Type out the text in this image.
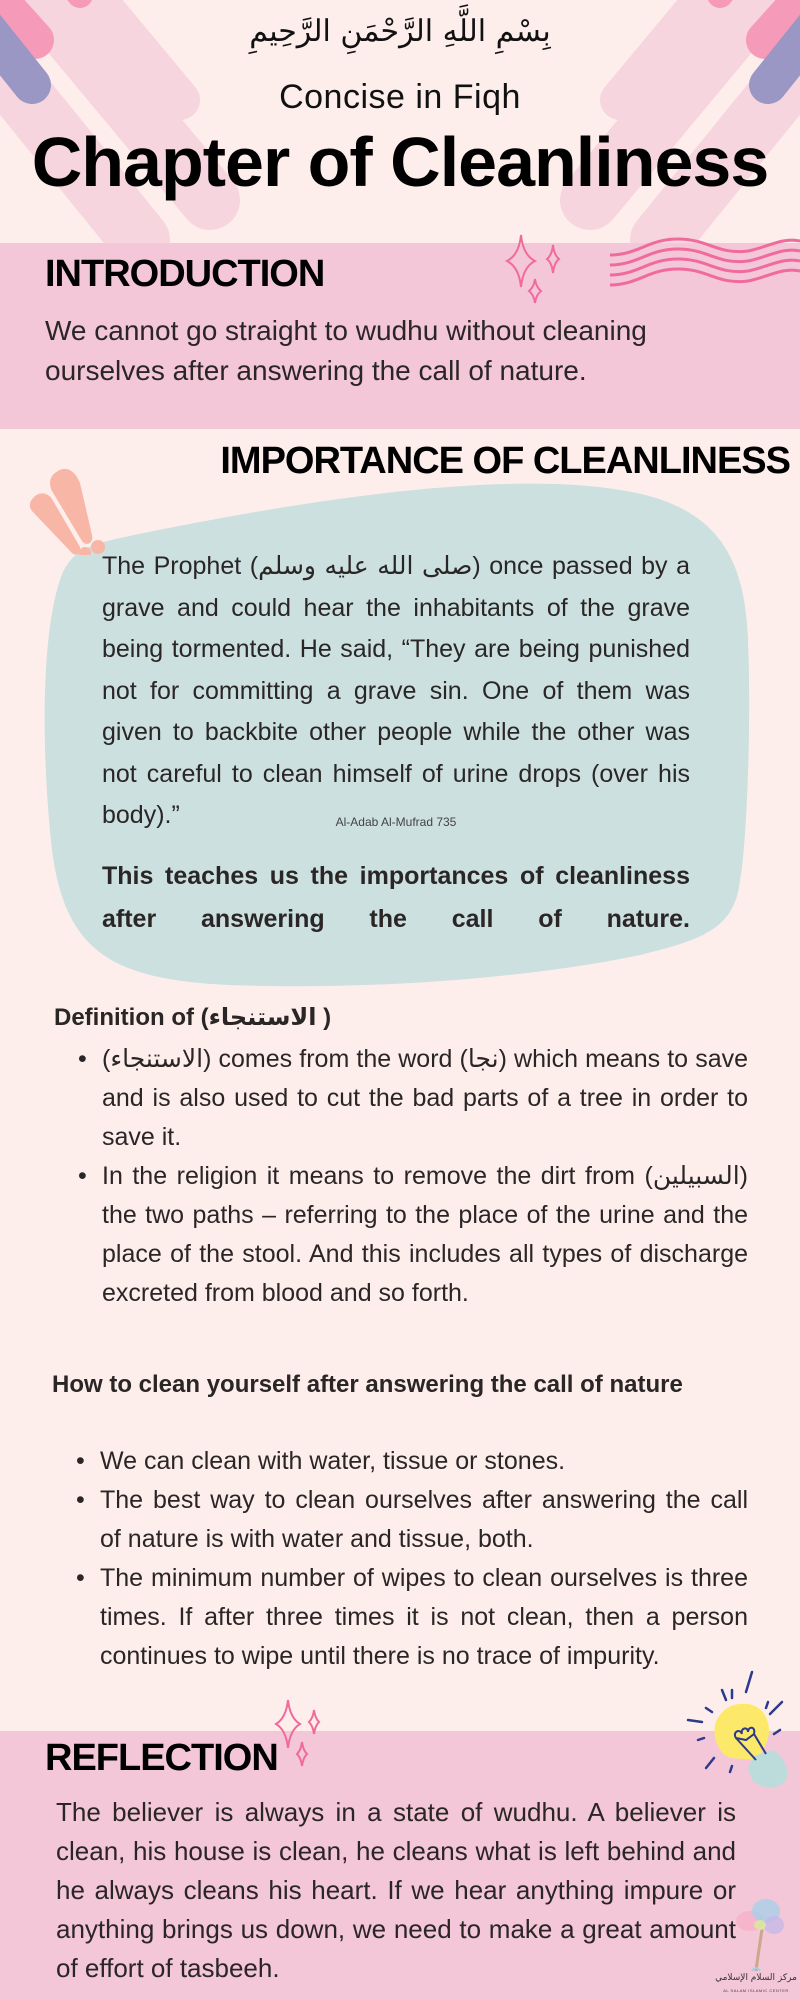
بِسْمِ اللَّهِ الرَّحْمَنِ الرَّحِيمِ
Concise in Fiqh
Chapter of Cleanliness
INTRODUCTION

We cannot go straight to wudhu without cleaning ourselves after answering the call of nature.

IMPORTANCE OF CLEANLINESS

The Prophet (صلى الله عليه وسلم) once passed by a grave and could hear the inhabitants of the grave being tormented. He said, “They are being punished not for committing a grave sin. One of them was given to backbite other people while the other was not careful to clean himself of urine drops (over his body).”	Al-Adab Al-Mufrad 735

This teaches us the importances of cleanliness after answering the call of nature.

Definition of (الاستنجاء )
• (الاستنجاء) comes from the word (نجا) which means to save and is also used to cut the bad parts of a tree in order to save it.
• In the religion it means to remove the dirt from (السبيلين) the two paths – referring to the place of the urine and the place of the stool. And this includes all types of discharge excreted from blood and so forth.
How to clean yourself after answering the call of nature
• We can clean with water, tissue or stones.
• The best way to clean ourselves after answering the call of nature is with water and tissue, both.
• The minimum number of wipes to clean ourselves is three times. If after three times it is not clean, then a person continues to wipe until there is no trace of impurity.
REFLECTION

The believer is always in a state of wudhu. A believer is clean, his house is clean, he cleans what is left behind and he always cleans his heart. If we hear anything impure or anything brings us down, we need to make a great amount of effort of tasbeeh.	مركز السلام الإسلامي
AL SALAM ISLAMIC CENTER
